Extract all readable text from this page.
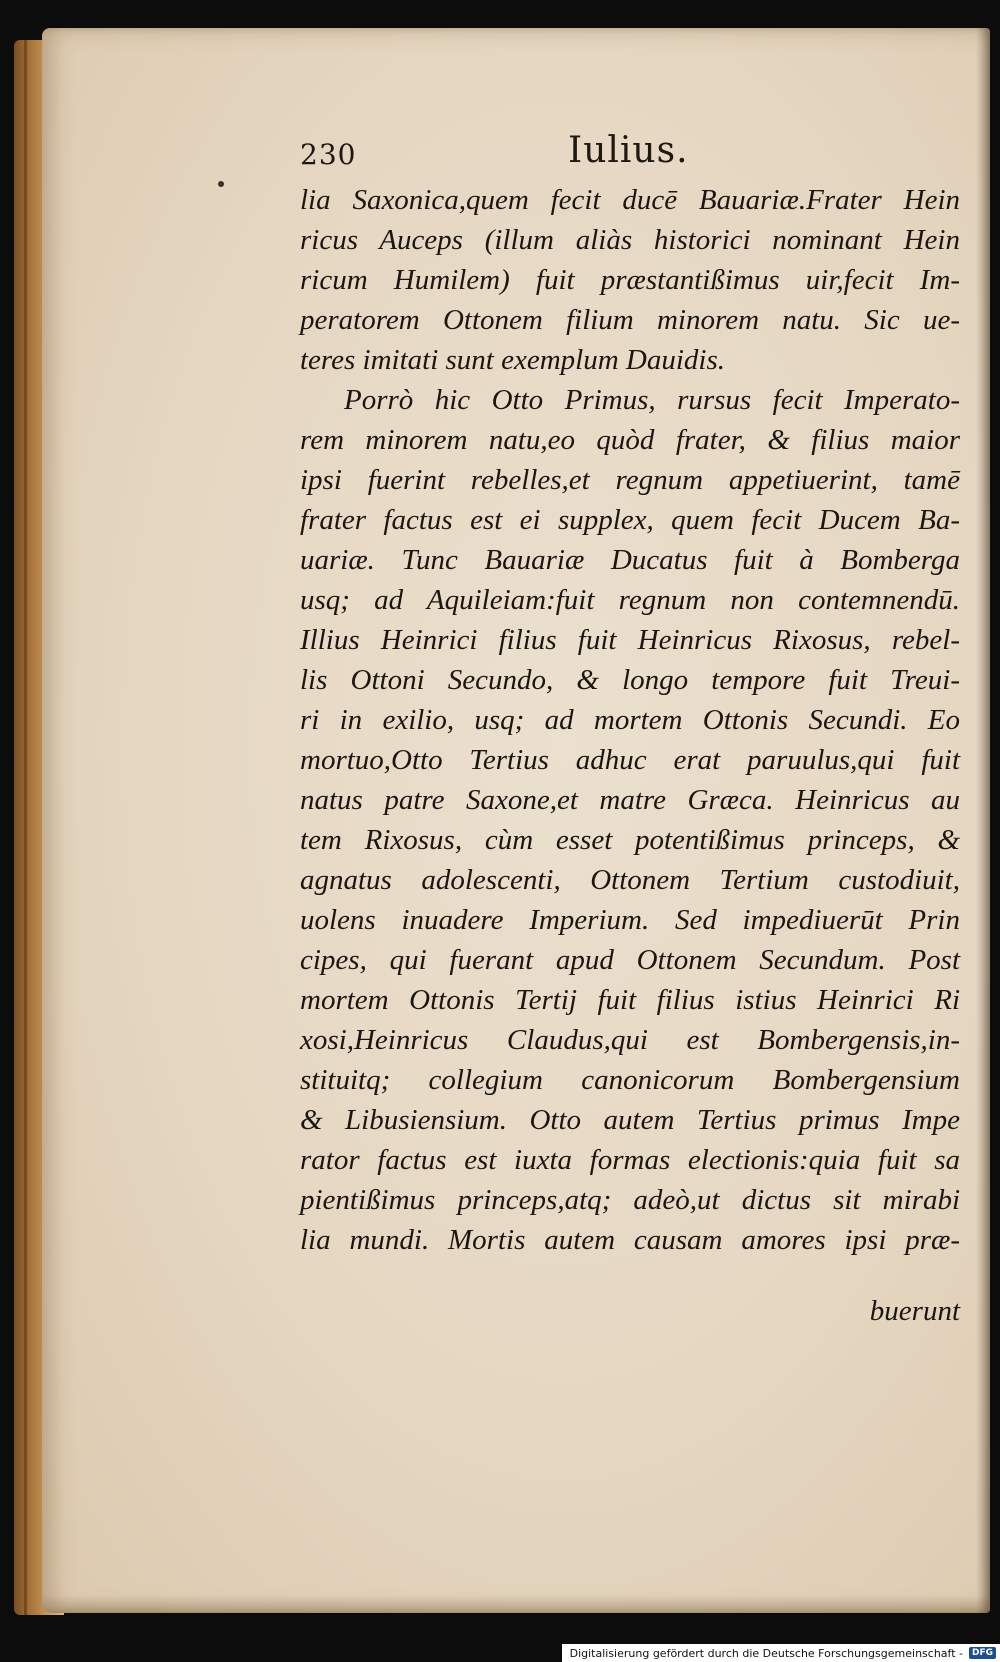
230	Iulius.
lia Saxonica,quem fecit ducē Bauariæ.Frater Hein
ricus Auceps (illum aliàs historici nominant Hein
ricum Humilem) fuit præstantißimus uir,fecit Im-
peratorem Ottonem filium minorem natu. Sic ue-
teres imitati sunt exemplum Dauidis.
Porrò hic Otto Primus, rursus fecit Imperato-
rem minorem natu,eo quòd frater, & filius maior
ipsi fuerint rebelles,et regnum appetiuerint, tamē
frater factus est ei supplex, quem fecit Ducem Ba-
uariæ. Tunc Bauariæ Ducatus fuit à Bomberga
usq; ad Aquileiam:fuit regnum non contemnendū.
Illius Heinrici filius fuit Heinricus Rixosus, rebel-
lis Ottoni Secundo, & longo tempore fuit Treui-
ri in exilio, usq; ad mortem Ottonis Secundi. Eo
mortuo,Otto Tertius adhuc erat paruulus,qui fuit
natus patre Saxone,et matre Græca. Heinricus au
tem Rixosus, cùm esset potentißimus princeps, &
agnatus adolescenti, Ottonem Tertium custodiuit,
uolens inuadere Imperium. Sed impediuerūt Prin
cipes, qui fuerant apud Ottonem Secundum. Post
mortem Ottonis Tertij fuit filius istius Heinrici Ri
xosi,Heinricus Claudus,qui est Bombergensis,in-
stituitq; collegium canonicorum Bombergensium
& Libusiensium. Otto autem Tertius primus Impe
rator factus est iuxta formas electionis:quia fuit sa
pientißimus princeps,atq; adeò,ut dictus sit mirabi
lia mundi. Mortis autem causam amores ipsi præ-
buerunt
Digitalisierung gefördert durch die Deutsche Forschungsgemeinschaft -	DFG
